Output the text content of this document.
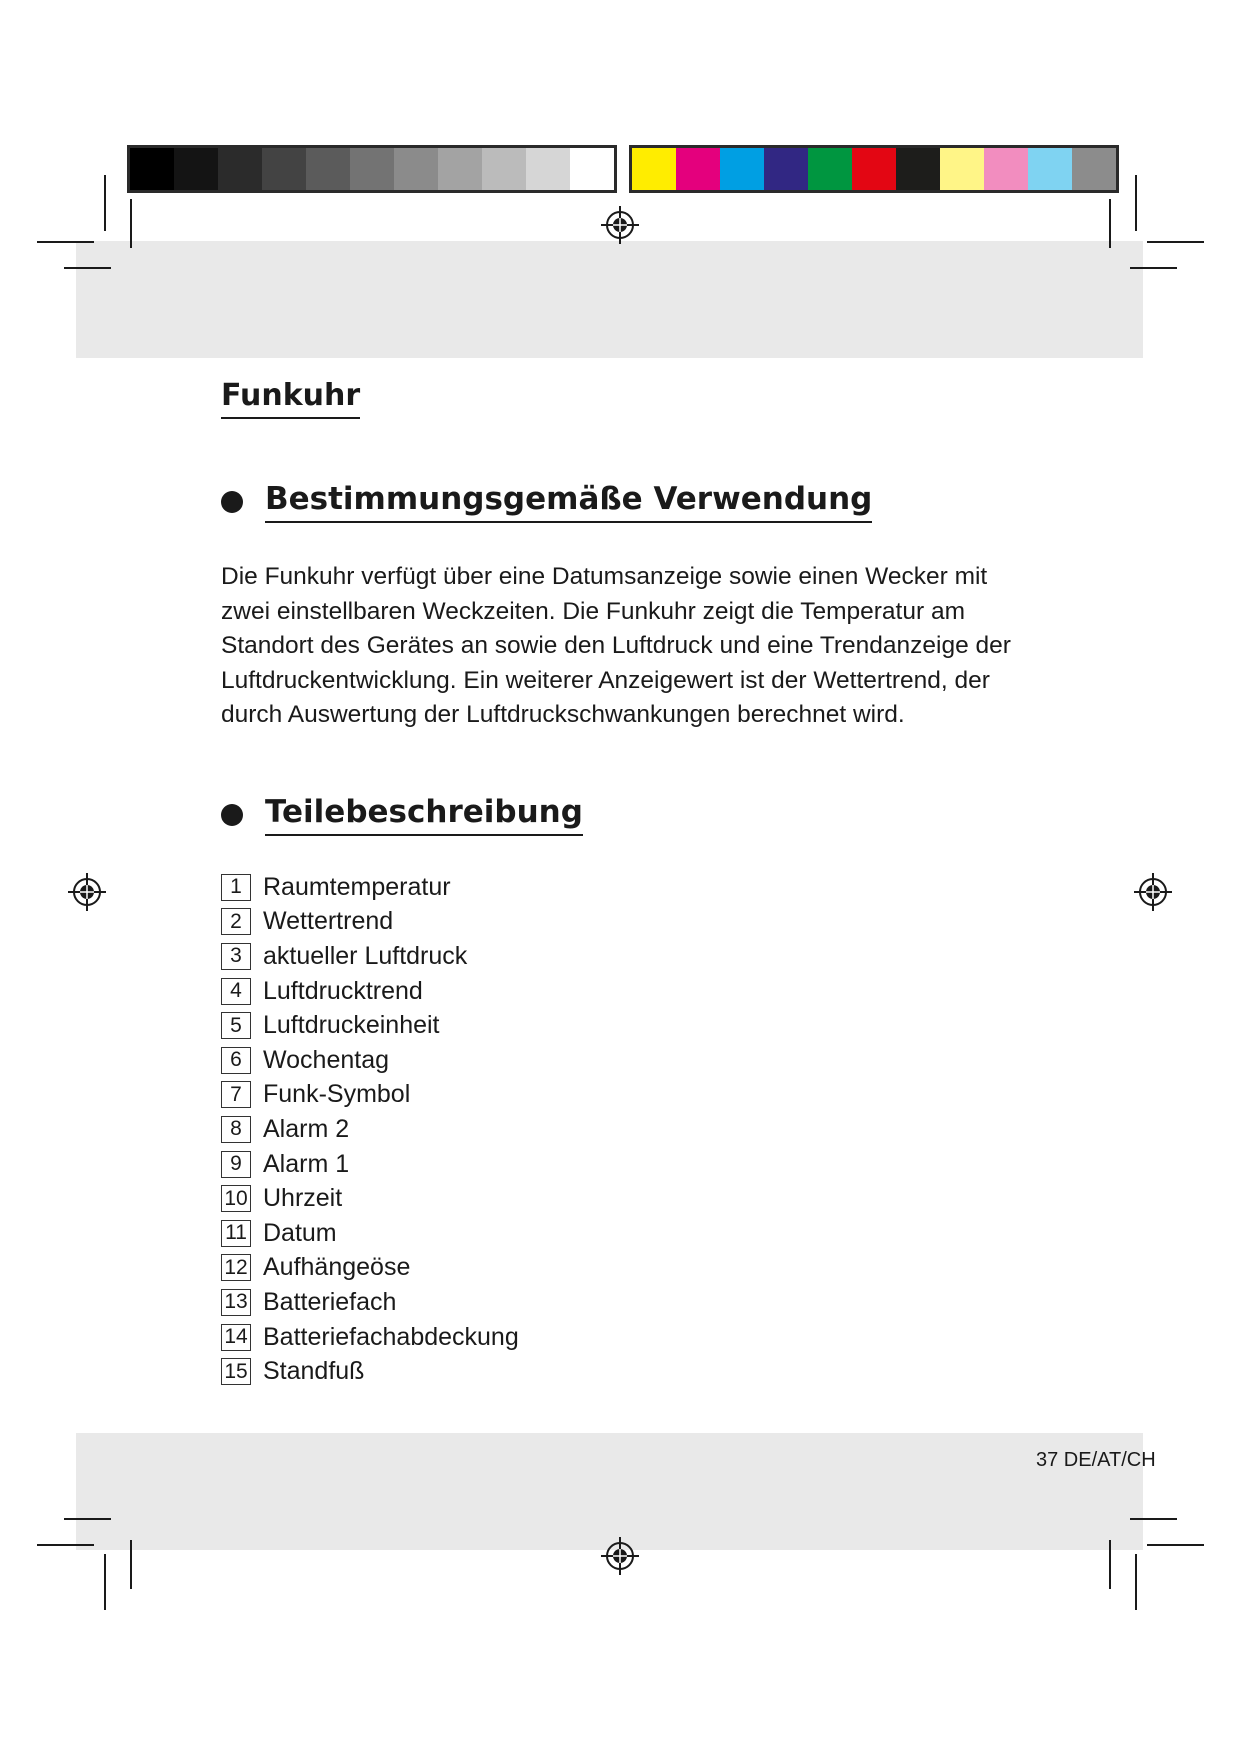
Funkuhr
Bestimmungsgemäße Verwendung

Die Funkuhr verfügt über eine Datumsanzeige sowie einen Wecker mit

zwei einstellbaren Weckzeiten. Die Funkuhr zeigt die Temperatur am

Standort des Gerätes an sowie den Luftdruck und eine Trendanzeige der

Luftdruckentwicklung. Ein weiterer Anzeigewert ist der Wettertrend, der

durch Auswertung der Luftdruckschwankungen berechnet wird.

Teilebeschreibung
1 Raumtemperatur
2 Wettertrend
3 aktueller Luftdruck
4 Luftdrucktrend
5 Luftdruckeinheit
6 Wochentag
7 Funk-Symbol
8 Alarm 2
9 Alarm 1
10 Uhrzeit
11 Datum
12 Aufhängeöse
13 Batteriefach
14 Batteriefachabdeckung
15 Standfuß
37 DE/AT/CH
